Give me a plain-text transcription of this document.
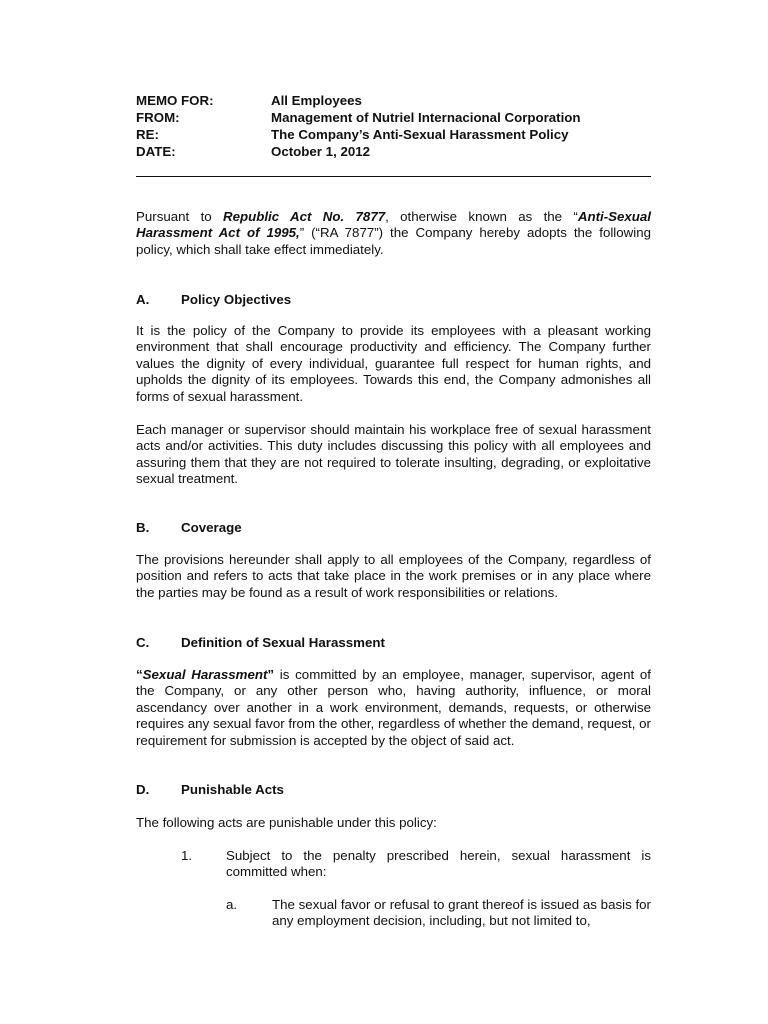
MEMO FOR:	All Employees
FROM:	Management of Nutriel Internacional Corporation
RE:	The Company’s Anti-Sexual Harassment Policy
DATE:	October 1, 2012

Pursuant to Republic Act No. 7877, otherwise known as the “Anti-Sexual Harassment Act of 1995,” (“RA 7877”) the Company hereby adopts the following policy, which shall take effect immediately.

A. Policy Objectives

It is the policy of the Company to provide its employees with a pleasant working environment that shall encourage productivity and efficiency. The Company further values the dignity of every individual, guarantee full respect for human rights, and upholds the dignity of its employees. Towards this end, the Company admonishes all forms of sexual harassment.

Each manager or supervisor should maintain his workplace free of sexual harassment acts and/or activities. This duty includes discussing this policy with all employees and assuring them that they are not required to tolerate insulting, degrading, or exploitative sexual treatment.

B. Coverage

The provisions hereunder shall apply to all employees of the Company, regardless of position and refers to acts that take place in the work premises or in any place where the parties may be found as a result of work responsibilities or relations.

C. Definition of Sexual Harassment

“Sexual Harassment” is committed by an employee, manager, supervisor, agent of the Company, or any other person who, having authority, influence, or moral ascendancy over another in a work environment, demands, requests, or otherwise requires any sexual favor from the other, regardless of whether the demand, request, or requirement for submission is accepted by the object of said act.

D. Punishable Acts

The following acts are punishable under this policy:

1.	Subject to the penalty prescribed herein, sexual harassment is committed when:

a.	The sexual favor or refusal to grant thereof is issued as basis for any employment decision, including, but not limited to,
